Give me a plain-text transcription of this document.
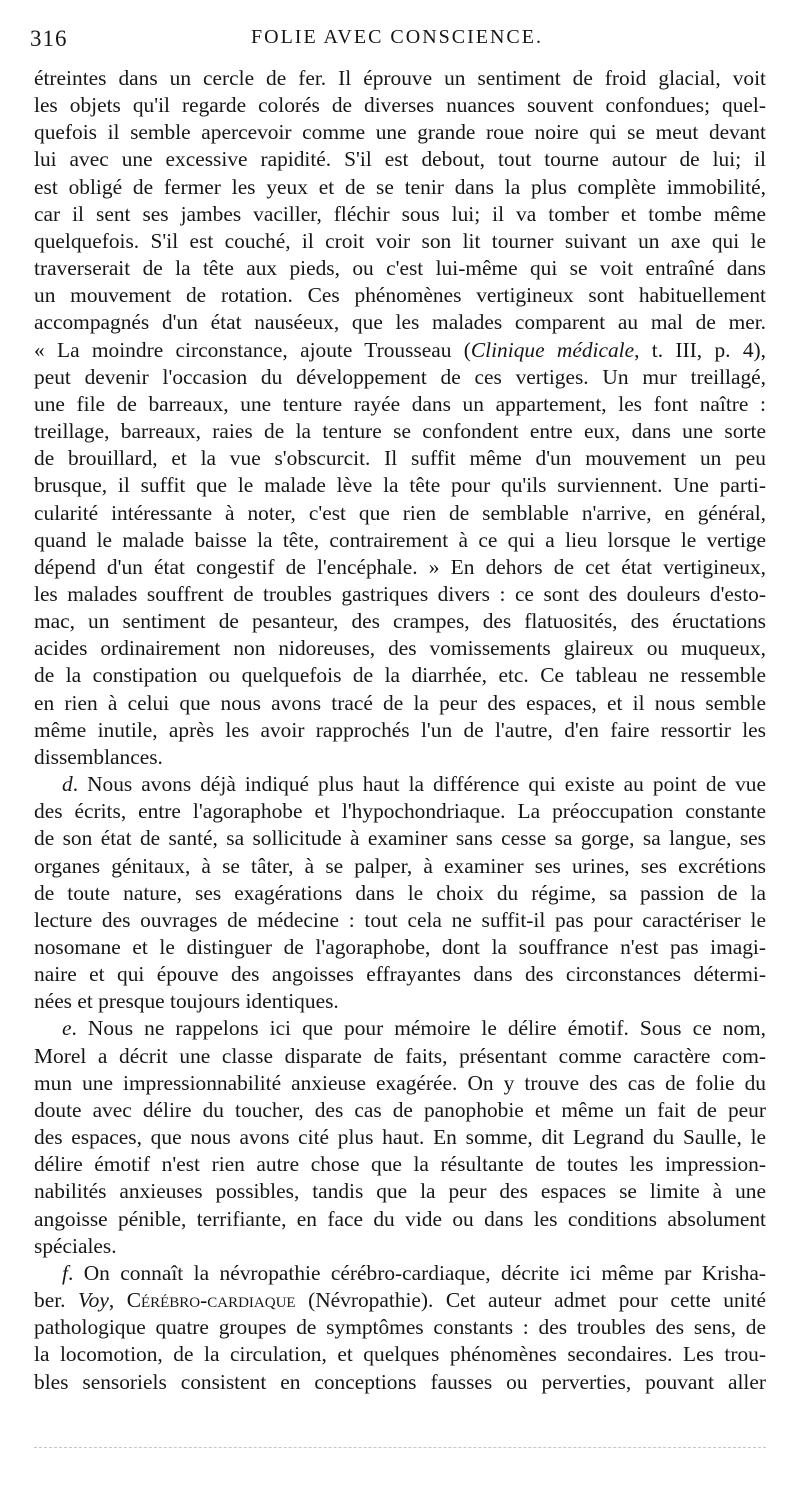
316	FOLIE AVEC CONSCIENCE.

étreintes dans un cercle de fer. Il éprouve un sentiment de froid glacial, voit
les objets qu'il regarde colorés de diverses nuances souvent confondues; quel-
quefois il semble apercevoir comme une grande roue noire qui se meut devant
lui avec une excessive rapidité. S'il est debout, tout tourne autour de lui; il
est obligé de fermer les yeux et de se tenir dans la plus complète immobilité,
car il sent ses jambes vaciller, fléchir sous lui; il va tomber et tombe même
quelquefois. S'il est couché, il croit voir son lit tourner suivant un axe qui le
traverserait de la tête aux pieds, ou c'est lui-même qui se voit entraîné dans
un mouvement de rotation. Ces phénomènes vertigineux sont habituellement
accompagnés d'un état nauséeux, que les malades comparent au mal de mer.
« La moindre circonstance, ajoute Trousseau (Clinique médicale, t. III, p. 4),
peut devenir l'occasion du développement de ces vertiges. Un mur treillagé,
une file de barreaux, une tenture rayée dans un appartement, les font naître :
treillage, barreaux, raies de la tenture se confondent entre eux, dans une sorte
de brouillard, et la vue s'obscurcit. Il suffit même d'un mouvement un peu
brusque, il suffit que le malade lève la tête pour qu'ils surviennent. Une parti-
cularité intéressante à noter, c'est que rien de semblable n'arrive, en général,
quand le malade baisse la tête, contrairement à ce qui a lieu lorsque le vertige
dépend d'un état congestif de l'encéphale. » En dehors de cet état vertigineux,
les malades souffrent de troubles gastriques divers : ce sont des douleurs d'esto-
mac, un sentiment de pesanteur, des crampes, des flatuosités, des éructations
acides ordinairement non nidoreuses, des vomissements glaireux ou muqueux,
de la constipation ou quelquefois de la diarrhée, etc. Ce tableau ne ressemble
en rien à celui que nous avons tracé de la peur des espaces, et il nous semble
même inutile, après les avoir rapprochés l'un de l'autre, d'en faire ressortir les
dissemblances.

d. Nous avons déjà indiqué plus haut la différence qui existe au point de vue
des écrits, entre l'agoraphobe et l'hypochondriaque. La préoccupation constante
de son état de santé, sa sollicitude à examiner sans cesse sa gorge, sa langue, ses
organes génitaux, à se tâter, à se palper, à examiner ses urines, ses excrétions
de toute nature, ses exagérations dans le choix du régime, sa passion de la
lecture des ouvrages de médecine : tout cela ne suffit-il pas pour caractériser le
nosomane et le distinguer de l'agoraphobe, dont la souffrance n'est pas imagi-
naire et qui épouve des angoisses effrayantes dans des circonstances détermi-
nées et presque toujours identiques.

e. Nous ne rappelons ici que pour mémoire le délire émotif. Sous ce nom,
Morel a décrit une classe disparate de faits, présentant comme caractère com-
mun une impressionnabilité anxieuse exagérée. On y trouve des cas de folie du
doute avec délire du toucher, des cas de panophobie et même un fait de peur
des espaces, que nous avons cité plus haut. En somme, dit Legrand du Saulle, le
délire émotif n'est rien autre chose que la résultante de toutes les impression-
nabilités anxieuses possibles, tandis que la peur des espaces se limite à une
angoisse pénible, terrifiante, en face du vide ou dans les conditions absolument
spéciales.

f. On connaît la névropathie cérébro-cardiaque, décrite ici même par Krisha-
ber. Voy, Cérébro-cardiaque (Névropathie). Cet auteur admet pour cette unité
pathologique quatre groupes de symptômes constants : des troubles des sens, de
la locomotion, de la circulation, et quelques phénomènes secondaires. Les trou-
bles sensoriels consistent en conceptions fausses ou perverties, pouvant aller
